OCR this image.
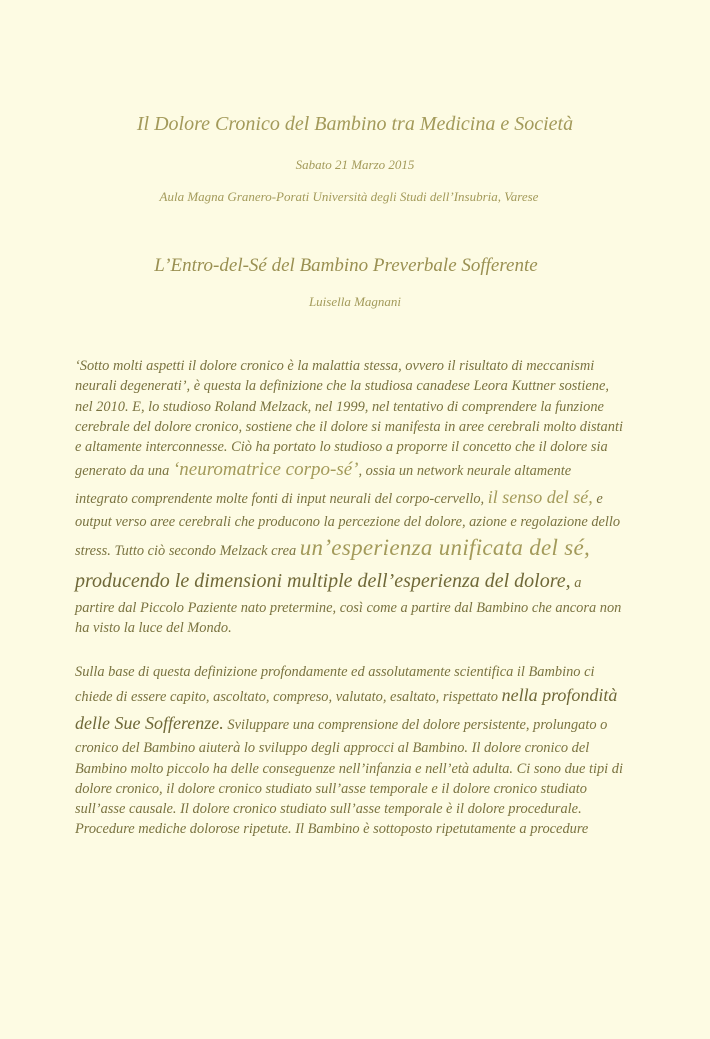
Il Dolore Cronico del Bambino tra Medicina e Società
Sabato 21 Marzo 2015
Aula Magna Granero-Porati Università degli Studi dell’Insubria, Varese
L’Entro-del-Sé del Bambino Preverbale Sofferente
Luisella Magnani
‘Sotto molti aspetti il dolore cronico è la malattia stessa, ovvero il risultato di meccanismi
neurali degenerati’, è questa la definizione che la studiosa canadese Leora Kuttner sostiene,
nel 2010. E, lo studioso Roland Melzack, nel 1999, nel tentativo di comprendere la funzione
cerebrale del dolore cronico, sostiene che il dolore si manifesta in aree cerebrali molto distanti
e altamente interconnesse. Ciò ha portato lo studioso a proporre il concetto che il dolore sia
generato da una ‘neuromatrice corpo-sé’, ossia un network neurale altamente
integrato comprendente molte fonti di input neurali del corpo-cervello, il senso del sé, e
output verso aree cerebrali che producono la percezione del dolore, azione e regolazione dello
stress. Tutto ciò secondo Melzack crea un’esperienza unificata del sé,
producendo le dimensioni multiple dell’esperienza del dolore, a
partire dal Piccolo Paziente nato pretermine, così come a partire dal Bambino che ancora non
ha visto la luce del Mondo.
Sulla base di questa definizione profondamente ed assolutamente scientifica il Bambino ci
chiede di essere capito, ascoltato, compreso, valutato, esaltato, rispettato nella profondità
delle Sue Sofferenze. Sviluppare una comprensione del dolore persistente, prolungato o
cronico del Bambino aiuterà lo sviluppo degli approcci al Bambino. Il dolore cronico del
Bambino molto piccolo ha delle conseguenze nell’infanzia e nell’età adulta. Ci sono due tipi di
dolore cronico, il dolore cronico studiato sull’asse temporale e il dolore cronico studiato
sull’asse causale. Il dolore cronico studiato sull’asse temporale è il dolore procedurale.
Procedure mediche dolorose ripetute. Il Bambino è sottoposto ripetutamente a procedure
